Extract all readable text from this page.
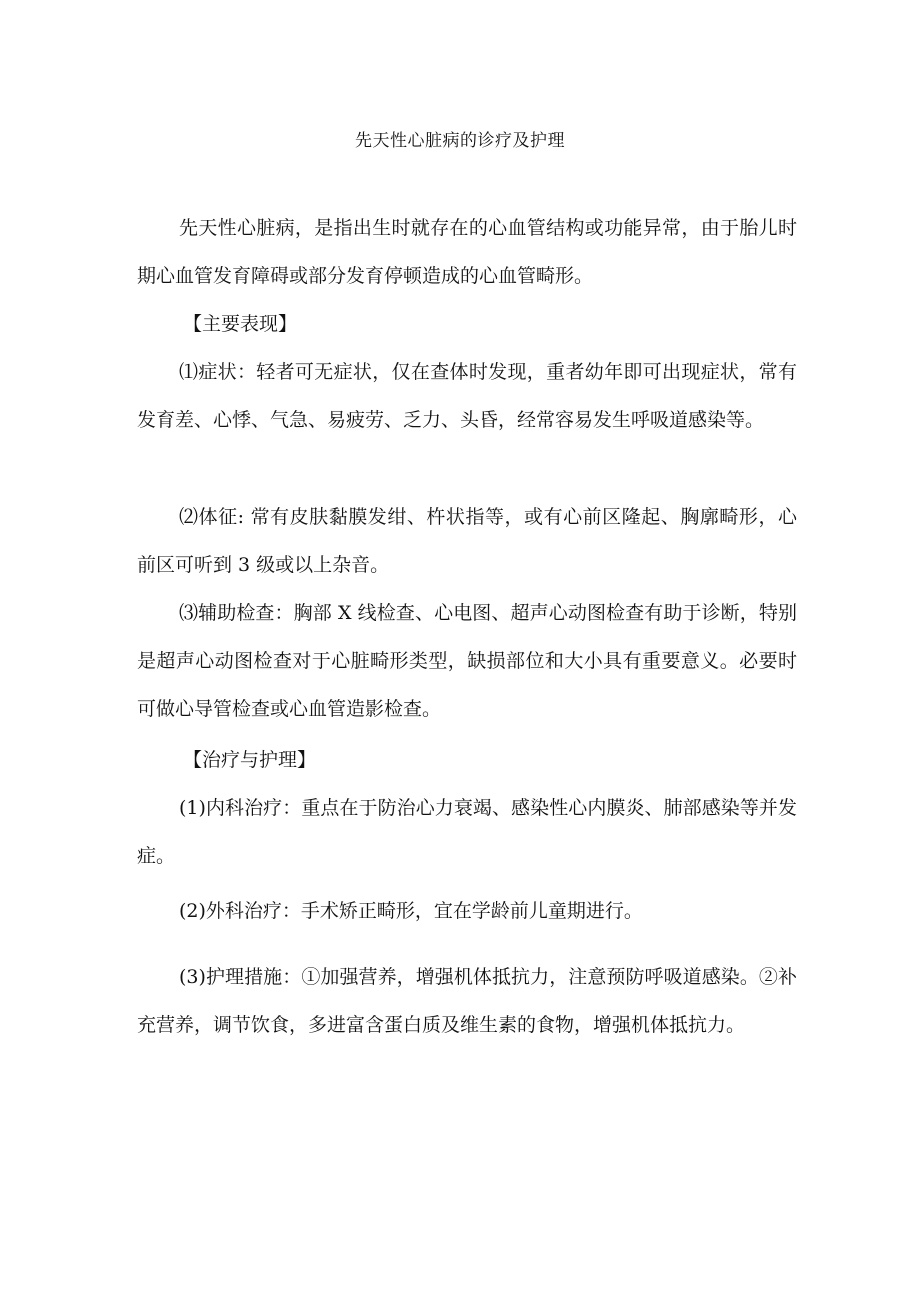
先天性心脏病的诊疗及护理

先天性心脏病，是指出生时就存在的心血管结构或功能异常，由于胎儿时期心血管发育障碍或部分发育停顿造成的心血管畸形。

【主要表现】

⑴症状：轻者可无症状，仅在查体时发现，重者幼年即可出现症状，常有发育差、心悸、气急、易疲劳、乏力、头昏，经常容易发生呼吸道感染等。

⑵体征: 常有皮肤黏膜发绀、杵状指等，或有心前区隆起、胸廓畸形，心前区可听到 3 级或以上杂音。

⑶辅助检查：胸部 X 线检查、心电图、超声心动图检查有助于诊断，特别是超声心动图检查对于心脏畸形类型，缺损部位和大小具有重要意义。必要时可做心导管检查或心血管造影检查。

【治疗与护理】

(1)内科治疗：重点在于防治心力衰竭、感染性心内膜炎、肺部感染等并发症。

(2)外科治疗：手术矫正畸形，宜在学龄前儿童期进行。

(3)护理措施：①加强营养，增强机体抵抗力，注意预防呼吸道感染。②补充营养，调节饮食，多进富含蛋白质及维生素的食物，增强机体抵抗力。
